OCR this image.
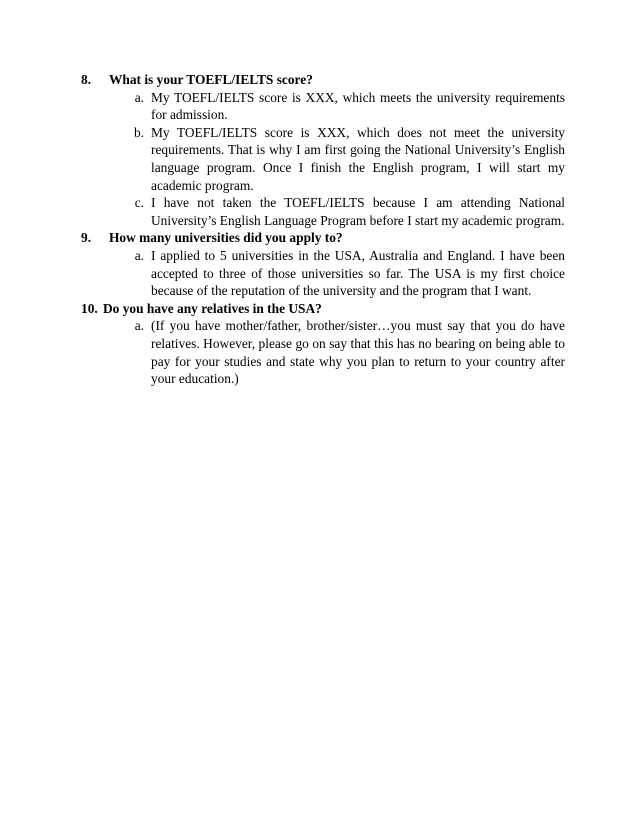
8.	What is your TOEFL/IELTS score?
a. My TOEFL/IELTS score is XXX, which meets the university requirements for admission.
b. My TOEFL/IELTS score is XXX, which does not meet the university requirements. That is why I am first going the National University’s English language program. Once I finish the English program, I will start my academic program.
c. I have not taken the TOEFL/IELTS because I am attending National University’s English Language Program before I start my academic program.
9.	How many universities did you apply to?
a. I applied to 5 universities in the USA, Australia and England. I have been accepted to three of those universities so far. The USA is my first choice because of the reputation of the university and the program that I want.
10. Do you have any relatives in the USA?
a. (If you have mother/father, brother/sister…you must say that you do have relatives. However, please go on say that this has no bearing on being able to pay for your studies and state why you plan to return to your country after your education.)
